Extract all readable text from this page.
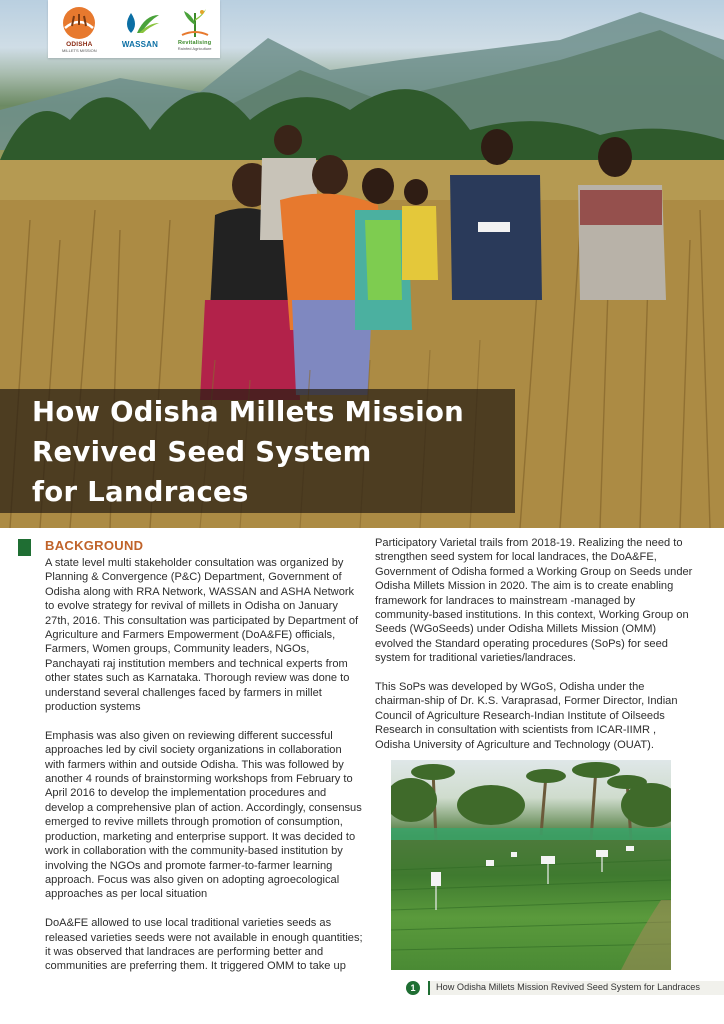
ODISHA
MILLETS MISSION
WASSAN	Revitalising
Rainfed Agriculture
How Odisha Millets Mission
Revived Seed System
for Landraces
BACKGROUND

A state level multi stakeholder consultation was organized by Planning & Convergence (P&C) Department, Government of Odisha along with RRA Network, WASSAN and ASHA Network to evolve strategy for revival of millets in Odisha on January 27th, 2016. This consultation was participated by Department of Agriculture and Farmers Empowerment (DoA&FE) officials, Farmers, Women groups, Community leaders, NGOs, Panchayati raj institution members and technical experts from other states such as Karnataka. Thorough review was done to understand several challenges faced by farmers in millet production systems

Emphasis was also given on reviewing different successful approaches led by civil society organizations in collaboration with farmers within and outside Odisha. This was followed by another 4 rounds of brainstorming workshops from February to April 2016 to develop the implementation procedures and develop a comprehensive plan of action. Accordingly, consensus emerged to revive millets through promotion of consumption, production, marketing and enterprise support. It was decided to work in collaboration with the community-based institution by involving the NGOs and promote farmer-to-farmer learning approach. Focus was also given on adopting agroecological approaches as per local situation

DoA&FE allowed to use local traditional varieties seeds as released varieties seeds were not available in enough quantities; it was observed that landraces are performing better and communities are preferring them. It triggered OMM to take up

Participatory Varietal trails from 2018-19. Realizing the need to strengthen seed system for local landraces, the DoA&FE, Government of Odisha formed a Working Group on Seeds under Odisha Millets Mission in 2020. The aim is to create enabling framework for landraces to mainstream -managed by community-based institutions. In this context, Working Group on Seeds (WGoSeeds) under Odisha Millets Mission (OMM) evolved the Standard operating procedures (SoPs) for seed system for traditional varieties/landraces.

This SoPs was developed by WGoS, Odisha under the chairman-ship of Dr. K.S. Varaprasad, Former Director, Indian Council of Agriculture Research-Indian Institute of Oilseeds Research in consultation with scientists from ICAR-IIMR , Odisha University of Agriculture and Technology (OUAT).

1	How Odisha Millets Mission Revived Seed System for Landraces
